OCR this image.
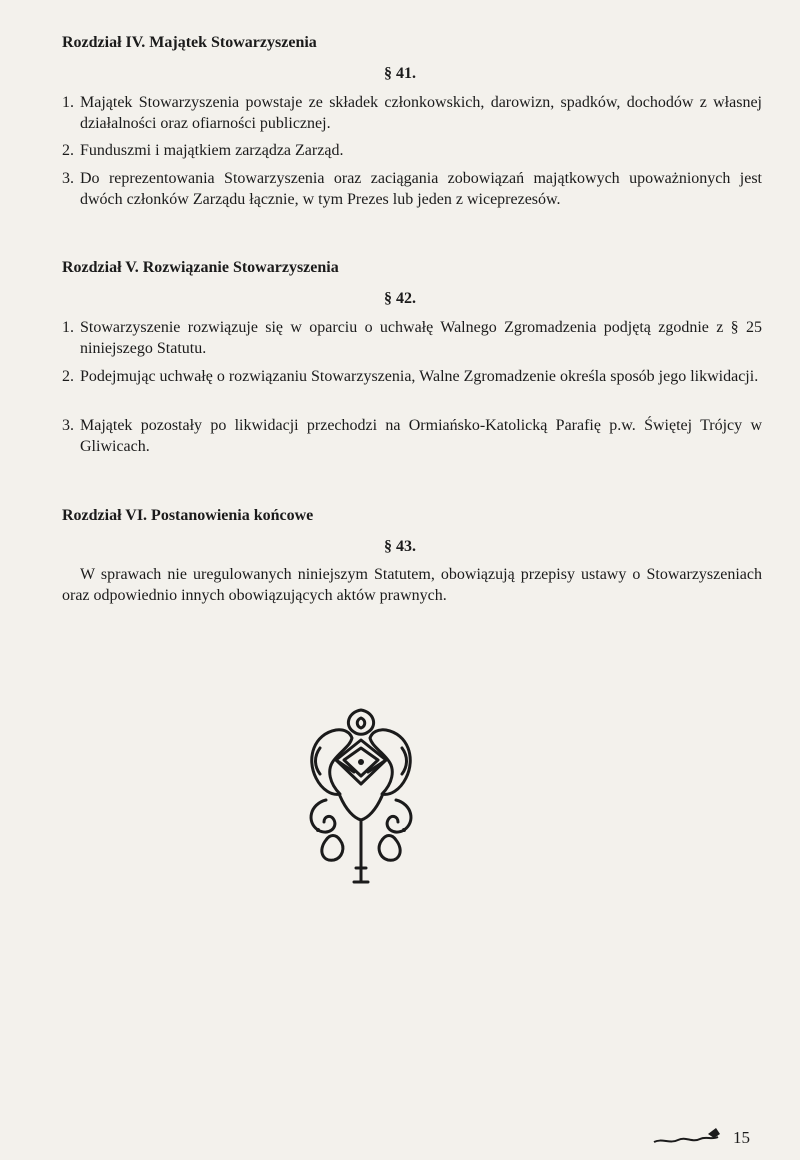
Rozdział IV. Majątek Stowarzyszenia
§ 41.
1. Majątek Stowarzyszenia powstaje ze składek członkowskich, darowizn, spadków, dochodów z własnej działalności oraz ofiarności publicznej.
2. Funduszmi i majątkiem zarządza Zarząd.
3. Do reprezentowania Stowarzyszenia oraz zaciągania zobowiązań majątkowych upoważnionych jest dwóch członków Zarządu łącznie, w tym Prezes lub jeden z wiceprezesów.
Rozdział V. Rozwiązanie Stowarzyszenia
§ 42.
1. Stowarzyszenie rozwiązuje się w oparciu o uchwałę Walnego Zgromadzenia podjętą zgodnie z § 25 niniejszego Statutu.
2. Podejmując uchwałę o rozwiązaniu Stowarzyszenia, Walne Zgromadzenie określa sposób jego likwidacji.
3. Majątek pozostały po likwidacji przechodzi na Ormiańsko-Katolicką Parafię p.w. Świętej Trójcy w Gliwicach.
Rozdział VI. Postanowienia końcowe
§ 43.
W sprawach nie uregulowanych niniejszym Statutem, obowiązują przepisy ustawy o Stowarzyszeniach oraz odpowiednio innych obowiązujących aktów prawnych.
15
